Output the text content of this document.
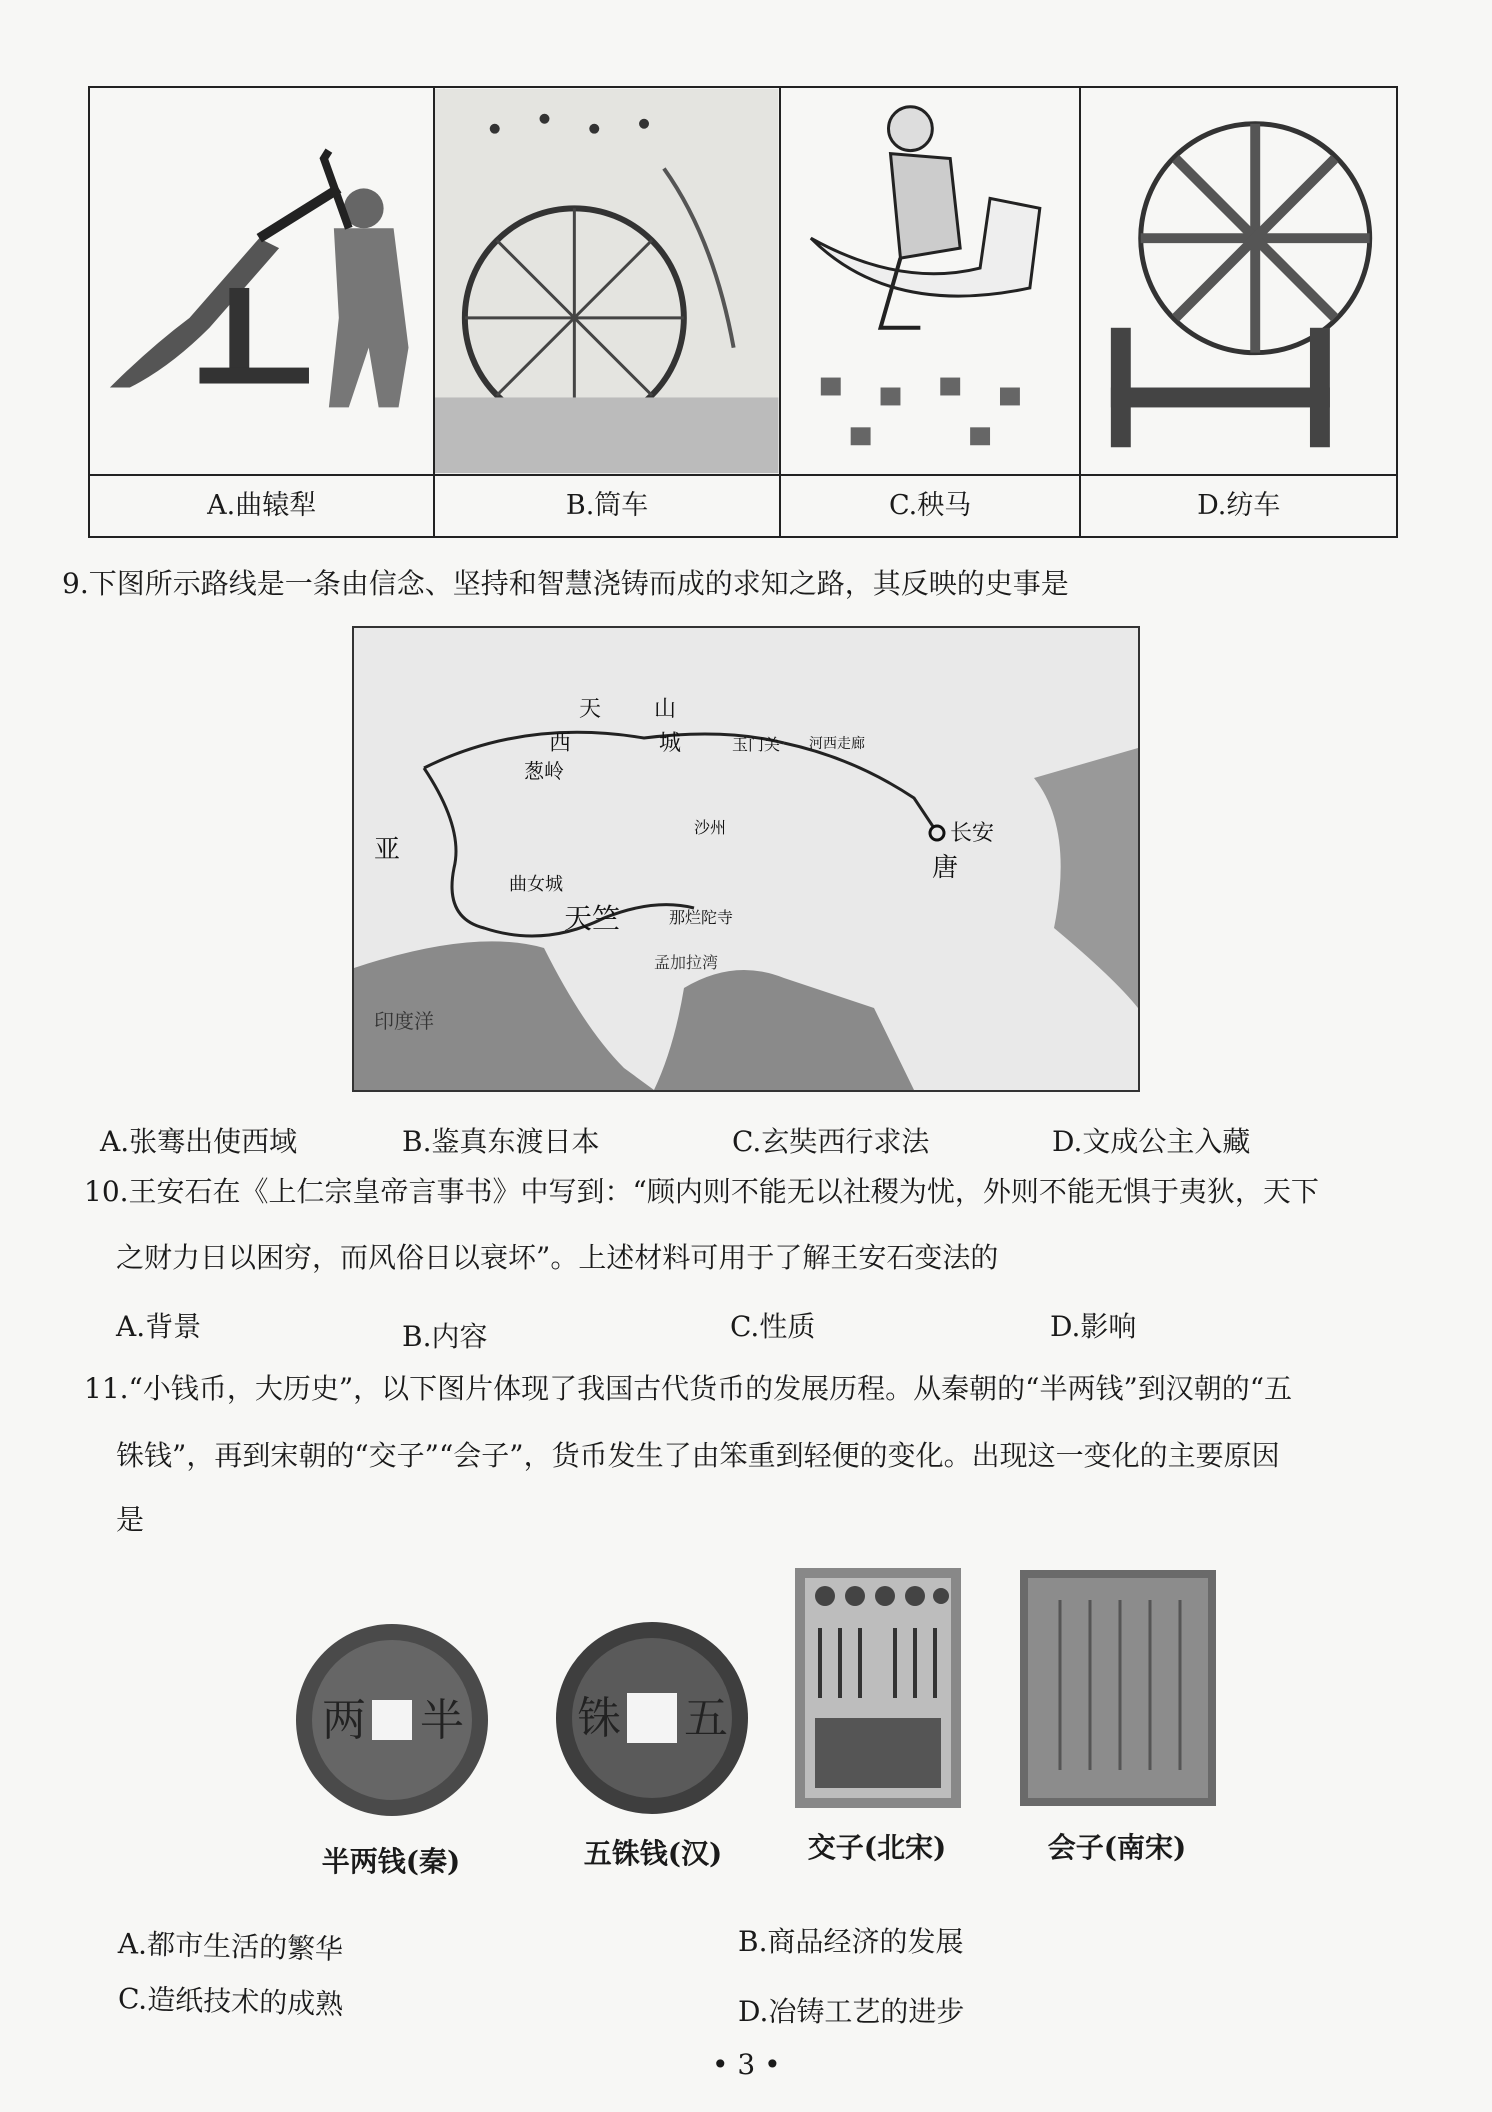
A.曲辕犁	B.筒车	C.秧马	D.纺车
9.下图所示路线是一条由信念、坚持和智慧浇铸而成的求知之路，其反映的史事是
天 山
西	城	玉门关 河西走廊
葱岭
长安
沙州
唐
曲女城
那烂陀寺
天竺
亚
印度洋
孟加拉湾
A.张骞出使西域	B.鉴真东渡日本	C.玄奘西行求法	D.文成公主入藏
10.王安石在《上仁宗皇帝言事书》中写到：“顾内则不能无以社稷为忧，外则不能无惧于夷狄，天下
之财力日以困穷，而风俗日以衰坏”。上述材料可用于了解王安石变法的
A.背景	B.内容	C.性质	D.影响
11.“小钱币，大历史”，以下图片体现了我国古代货币的发展历程。从秦朝的“半两钱”到汉朝的“五
铢钱”，再到宋朝的“交子”“会子”，货币发生了由笨重到轻便的变化。出现这一变化的主要原因
是
两 半	铢 五
半两钱(秦)	五铢钱(汉)	交子(北宋)	会子(南宋)
A.都市生活的繁华	B.商品经济的发展
C.造纸技术的成熟	D.冶铸工艺的进步
• 3 •
